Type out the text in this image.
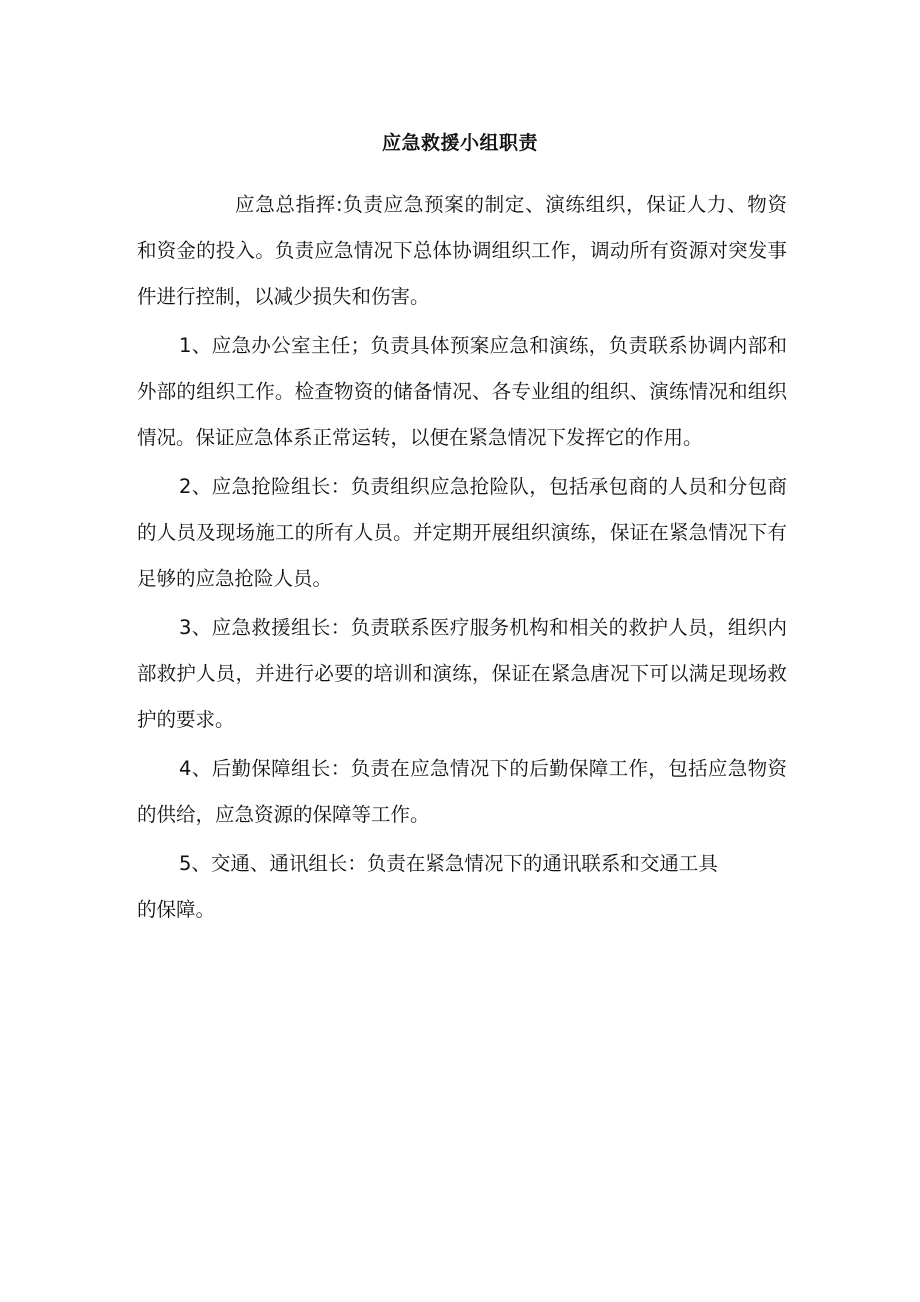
应急救援小组职责

应急总指挥:负责应急预案的制定、演练组织，保证人力、物资和资金的投入。负责应急情况下总体协调组织工作，调动所有资源对突发事件进行控制，以减少损失和伤害。

1、应急办公室主任；负责具体预案应急和演练，负责联系协调内部和外部的组织工作。检查物资的储备情况、各专业组的组织、演练情况和组织情况。保证应急体系正常运转，以便在紧急情况下发挥它的作用。

2、应急抢险组长：负责组织应急抢险队，包括承包商的人员和分包商的人员及现场施工的所有人员。并定期开展组织演练，保证在紧急情况下有足够的应急抢险人员。

3、应急救援组长：负责联系医疗服务机构和相关的救护人员，组织内部救护人员，并进行必要的培训和演练，保证在紧急唐况下可以满足现场救护的要求。

4、后勤保障组长：负责在应急情况下的后勤保障工作，包括应急物资的供给，应急资源的保障等工作。

5、交通、通讯组长：负责在紧急情况下的通讯联系和交通工具
的保障。
